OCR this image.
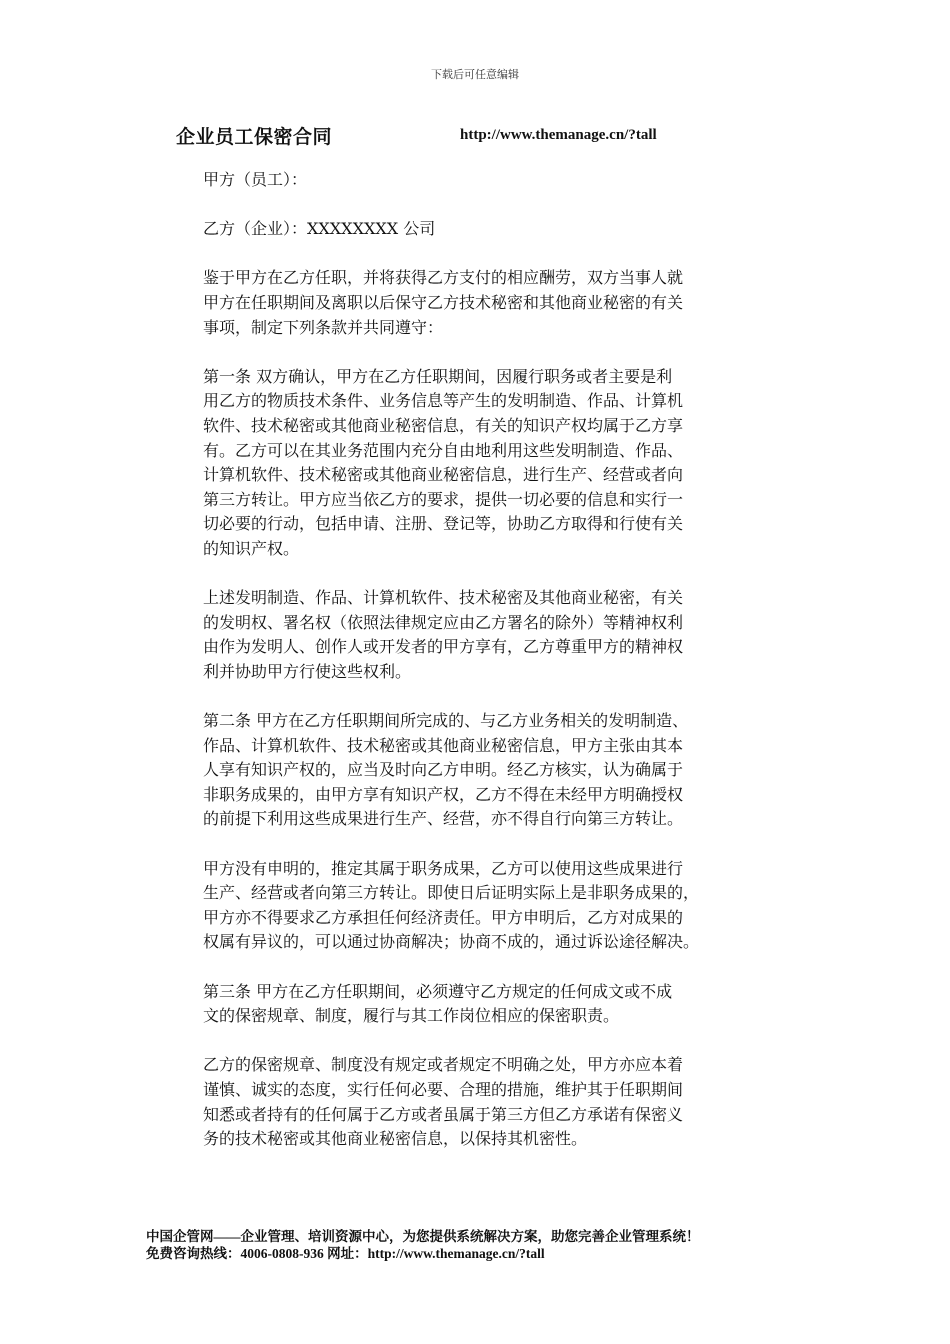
下载后可任意编辑
企业员工保密合同	http://www.themanage.cn/?tall

甲方（员工）：

乙方（企业）：XXXXXXXX 公司

鉴于甲方在乙方任职，并将获得乙方支付的相应酬劳，双方当事人就
甲方在任职期间及离职以后保守乙方技术秘密和其他商业秘密的有关
事项，制定下列条款并共同遵守：

第一条 双方确认，甲方在乙方任职期间，因履行职务或者主要是利
用乙方的物质技术条件、业务信息等产生的发明制造、作品、计算机
软件、技术秘密或其他商业秘密信息，有关的知识产权均属于乙方享
有。乙方可以在其业务范围内充分自由地利用这些发明制造、作品、
计算机软件、技术秘密或其他商业秘密信息，进行生产、经营或者向
第三方转让。甲方应当依乙方的要求，提供一切必要的信息和实行一
切必要的行动，包括申请、注册、登记等，协助乙方取得和行使有关
的知识产权。

上述发明制造、作品、计算机软件、技术秘密及其他商业秘密，有关
的发明权、署名权（依照法律规定应由乙方署名的除外）等精神权利
由作为发明人、创作人或开发者的甲方享有，乙方尊重甲方的精神权
利并协助甲方行使这些权利。

第二条 甲方在乙方任职期间所完成的、与乙方业务相关的发明制造、
作品、计算机软件、技术秘密或其他商业秘密信息，甲方主张由其本
人享有知识产权的，应当及时向乙方申明。经乙方核实，认为确属于
非职务成果的，由甲方享有知识产权，乙方不得在未经甲方明确授权
的前提下利用这些成果进行生产、经营，亦不得自行向第三方转让。

甲方没有申明的，推定其属于职务成果，乙方可以使用这些成果进行
生产、经营或者向第三方转让。即使日后证明实际上是非职务成果的，
甲方亦不得要求乙方承担任何经济责任。甲方申明后，乙方对成果的
权属有异议的，可以通过协商解决；协商不成的，通过诉讼途径解决。

第三条 甲方在乙方任职期间，必须遵守乙方规定的任何成文或不成
文的保密规章、制度，履行与其工作岗位相应的保密职责。

乙方的保密规章、制度没有规定或者规定不明确之处，甲方亦应本着
谨慎、诚实的态度，实行任何必要、合理的措施，维护其于任职期间
知悉或者持有的任何属于乙方或者虽属于第三方但乙方承诺有保密义
务的技术秘密或其他商业秘密信息，以保持其机密性。

中国企管网——企业管理、培训资源中心，为您提供系统解决方案，助您完善企业管理系统！
免费咨询热线：4006-0808-936 网址：http://www.themanage.cn/?tall
